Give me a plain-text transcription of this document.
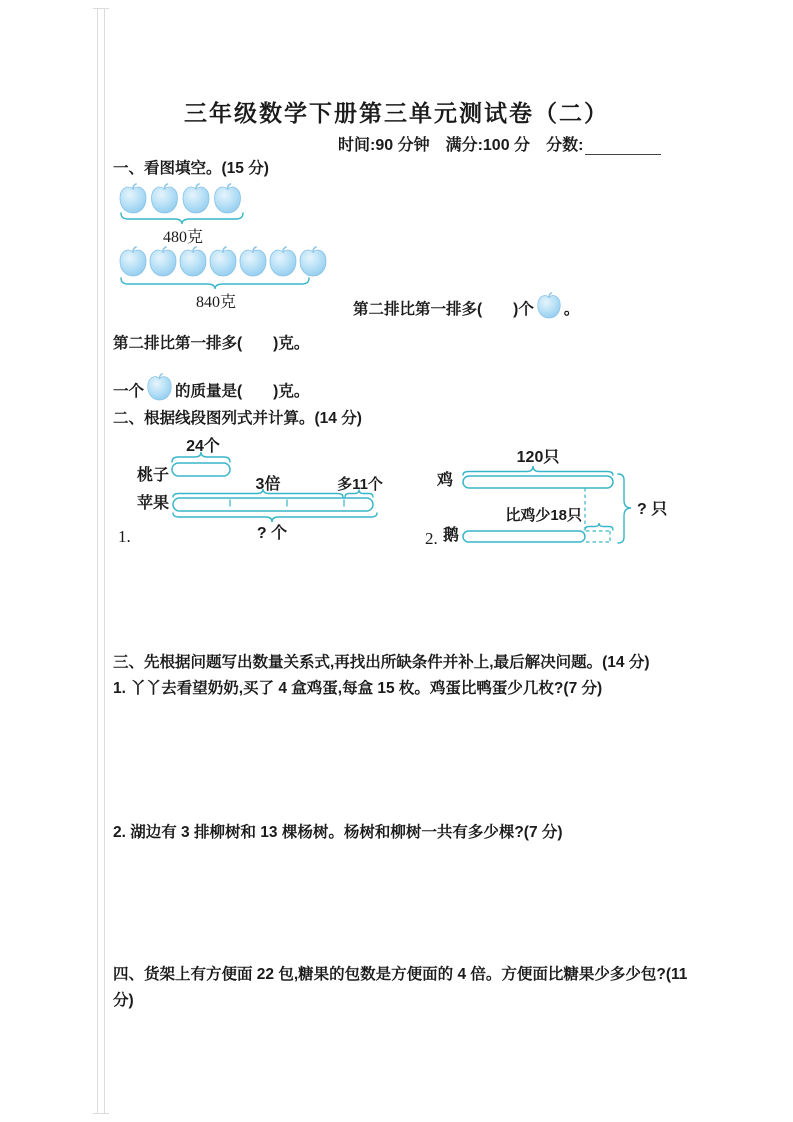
三年级数学下册第三单元测试卷（二）
时间:90 分钟 满分:100 分 分数:
一、看图填空。(15 分)
480克
840克	第二排比第一排多(　　)个 。
第二排比第一排多(　　)克。
一个 的质量是(　　)克。
二、根据线段图列式并计算。(14 分)
24个
桃子
3倍	多11个
苹果
? 个
1.
120只
鸡
比鸡少18只
鹅
? 只
2.
三、先根据问题写出数量关系式,再找出所缺条件并补上,最后解决问题。(14 分)
1. 丫丫去看望奶奶,买了 4 盒鸡蛋,每盒 15 枚。鸡蛋比鸭蛋少几枚?(7 分)
2. 湖边有 3 排柳树和 13 棵杨树。杨树和柳树一共有多少棵?(7 分)
四、货架上有方便面 22 包,糖果的包数是方便面的 4 倍。方便面比糖果少多少包?(11 分)
